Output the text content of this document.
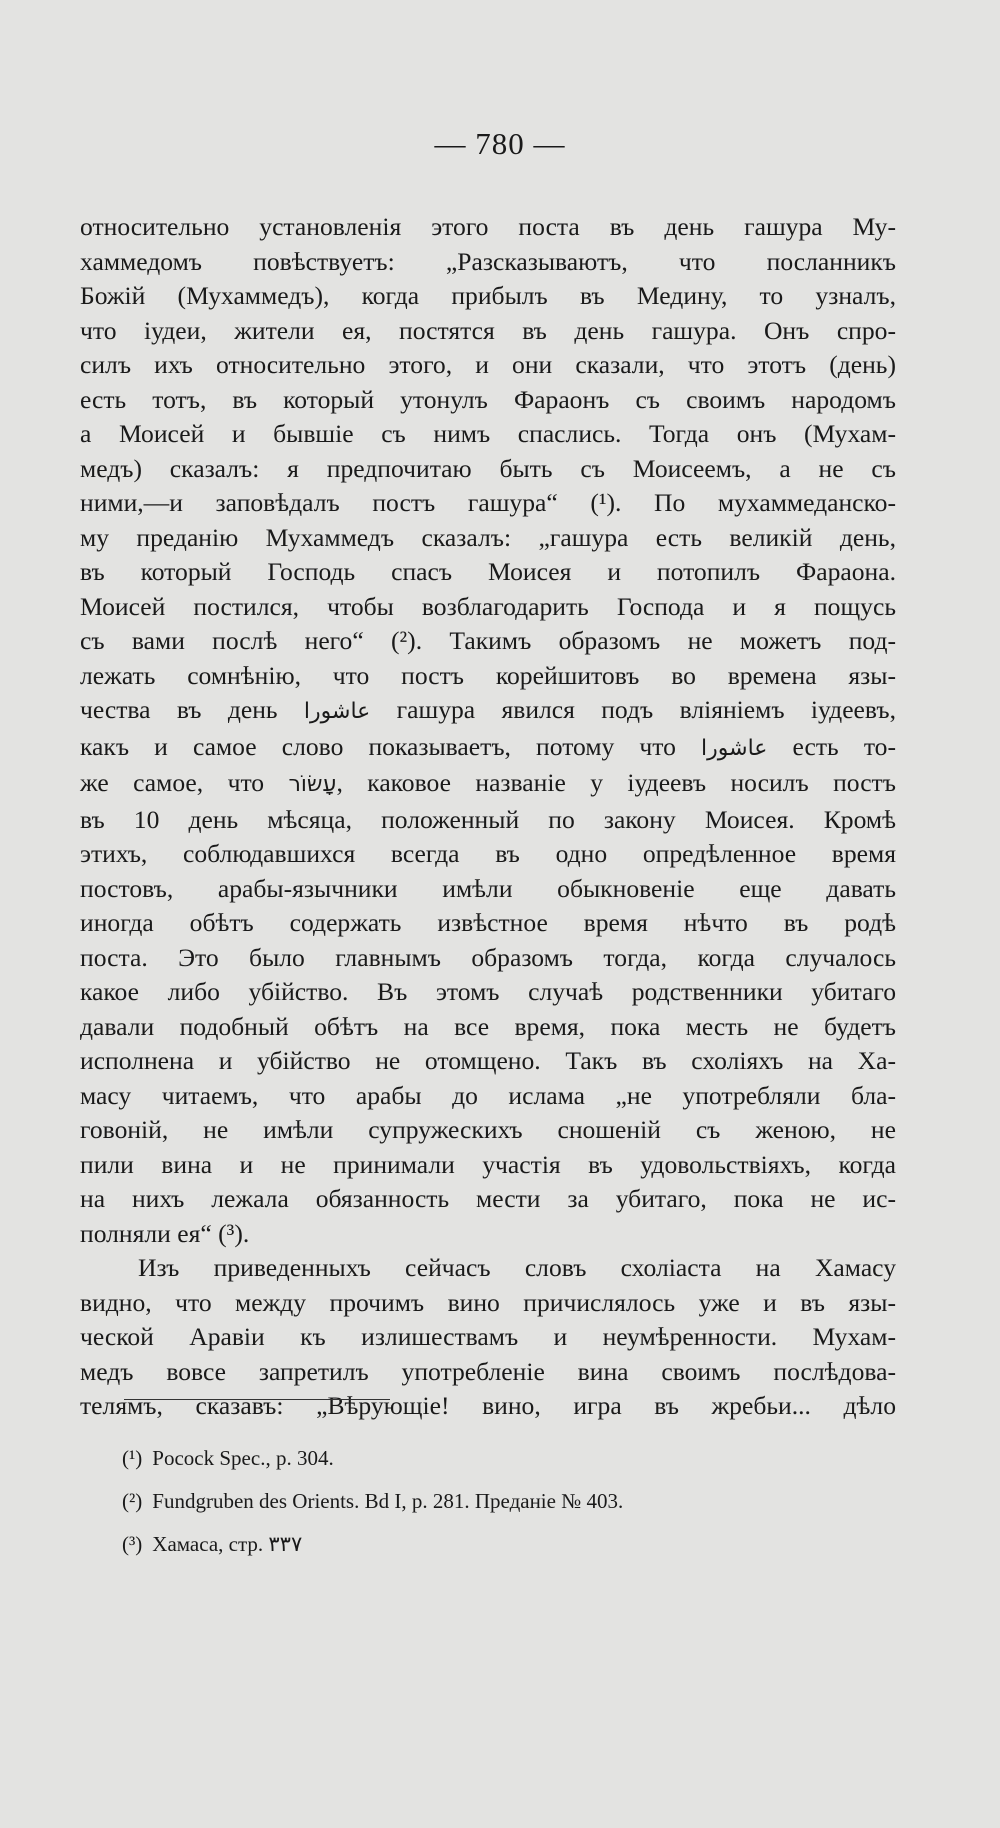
— 780 —

относительно установленія этого поста въ день гашура Му-
хаммедомъ повѣствуетъ: „Разсказываютъ, что посланникъ
Божій (Мухаммедъ), когда прибылъ въ Медину, то узналъ,
что іудеи, жители ея, постятся въ день гашура. Онъ спро-
силъ ихъ относительно этого, и они сказали, что этотъ (день)
есть тотъ, въ который утонулъ Фараонъ съ своимъ народомъ
а Моисей и бывшіе съ нимъ спаслись. Тогда онъ (Мухам-
медъ) сказалъ: я предпочитаю быть съ Моисеемъ, а не съ
ними,—и заповѣдалъ постъ гашура“ (¹). По мухаммеданско-
му преданію Мухаммедъ сказалъ: „гашура есть великій день,
въ который Господь спасъ Моисея и потопилъ Фараона.
Моисей постился, чтобы возблагодарить Господа и я пощусь
съ вами послѣ него“ (²). Такимъ образомъ не можетъ под-
лежать сомнѣнію, что постъ корейшитовъ во времена язы-
чества въ день عاشورا гашура явился подъ вліяніемъ іудеевъ,
какъ и самое слово показываетъ, потому что عاشورا есть то-
же самое, что עָשׂוֹר, каковое названіе у іудеевъ носилъ постъ
въ 10 день мѣсяца, положенный по закону Моисея. Кромѣ
этихъ, соблюдавшихся всегда въ одно опредѣленное время
постовъ, арабы-язычники имѣли обыкновеніе еще давать
иногда обѣтъ содержать извѣстное время нѣчто въ родѣ
поста. Это было главнымъ образомъ тогда, когда случалось
какое либо убійство. Въ этомъ случаѣ родственники убитаго
давали подобный обѣтъ на все время, пока месть не будетъ
исполнена и убійство не отомщено. Такъ въ схоліяхъ на Ха-
масу читаемъ, что арабы до ислама „не употребляли бла-
говоній, не имѣли супружескихъ сношеній съ женою, не
пили вина и не принимали участія въ удовольствіяхъ, когда
на нихъ лежала обязанность мести за убитаго, пока не ис-
полняли ея“ (³).

Изъ приведенныхъ сейчасъ словъ схоліаста на Хамасу
видно, что между прочимъ вино причислялось уже и въ язы-
ческой Аравіи къ излишествамъ и неумѣренности. Мухам-
медъ вовсе запретилъ употребленіе вина своимъ послѣдова-
телямъ, сказавъ: „Вѣрующіе! вино, игра въ жребьи... дѣло

(¹) Pocock Spec., p. 304.
(²) Fundgruben des Orients. Bd I, p. 281. Преданіе № 403.
(³) Хамаса, стр. ٣٣٧
